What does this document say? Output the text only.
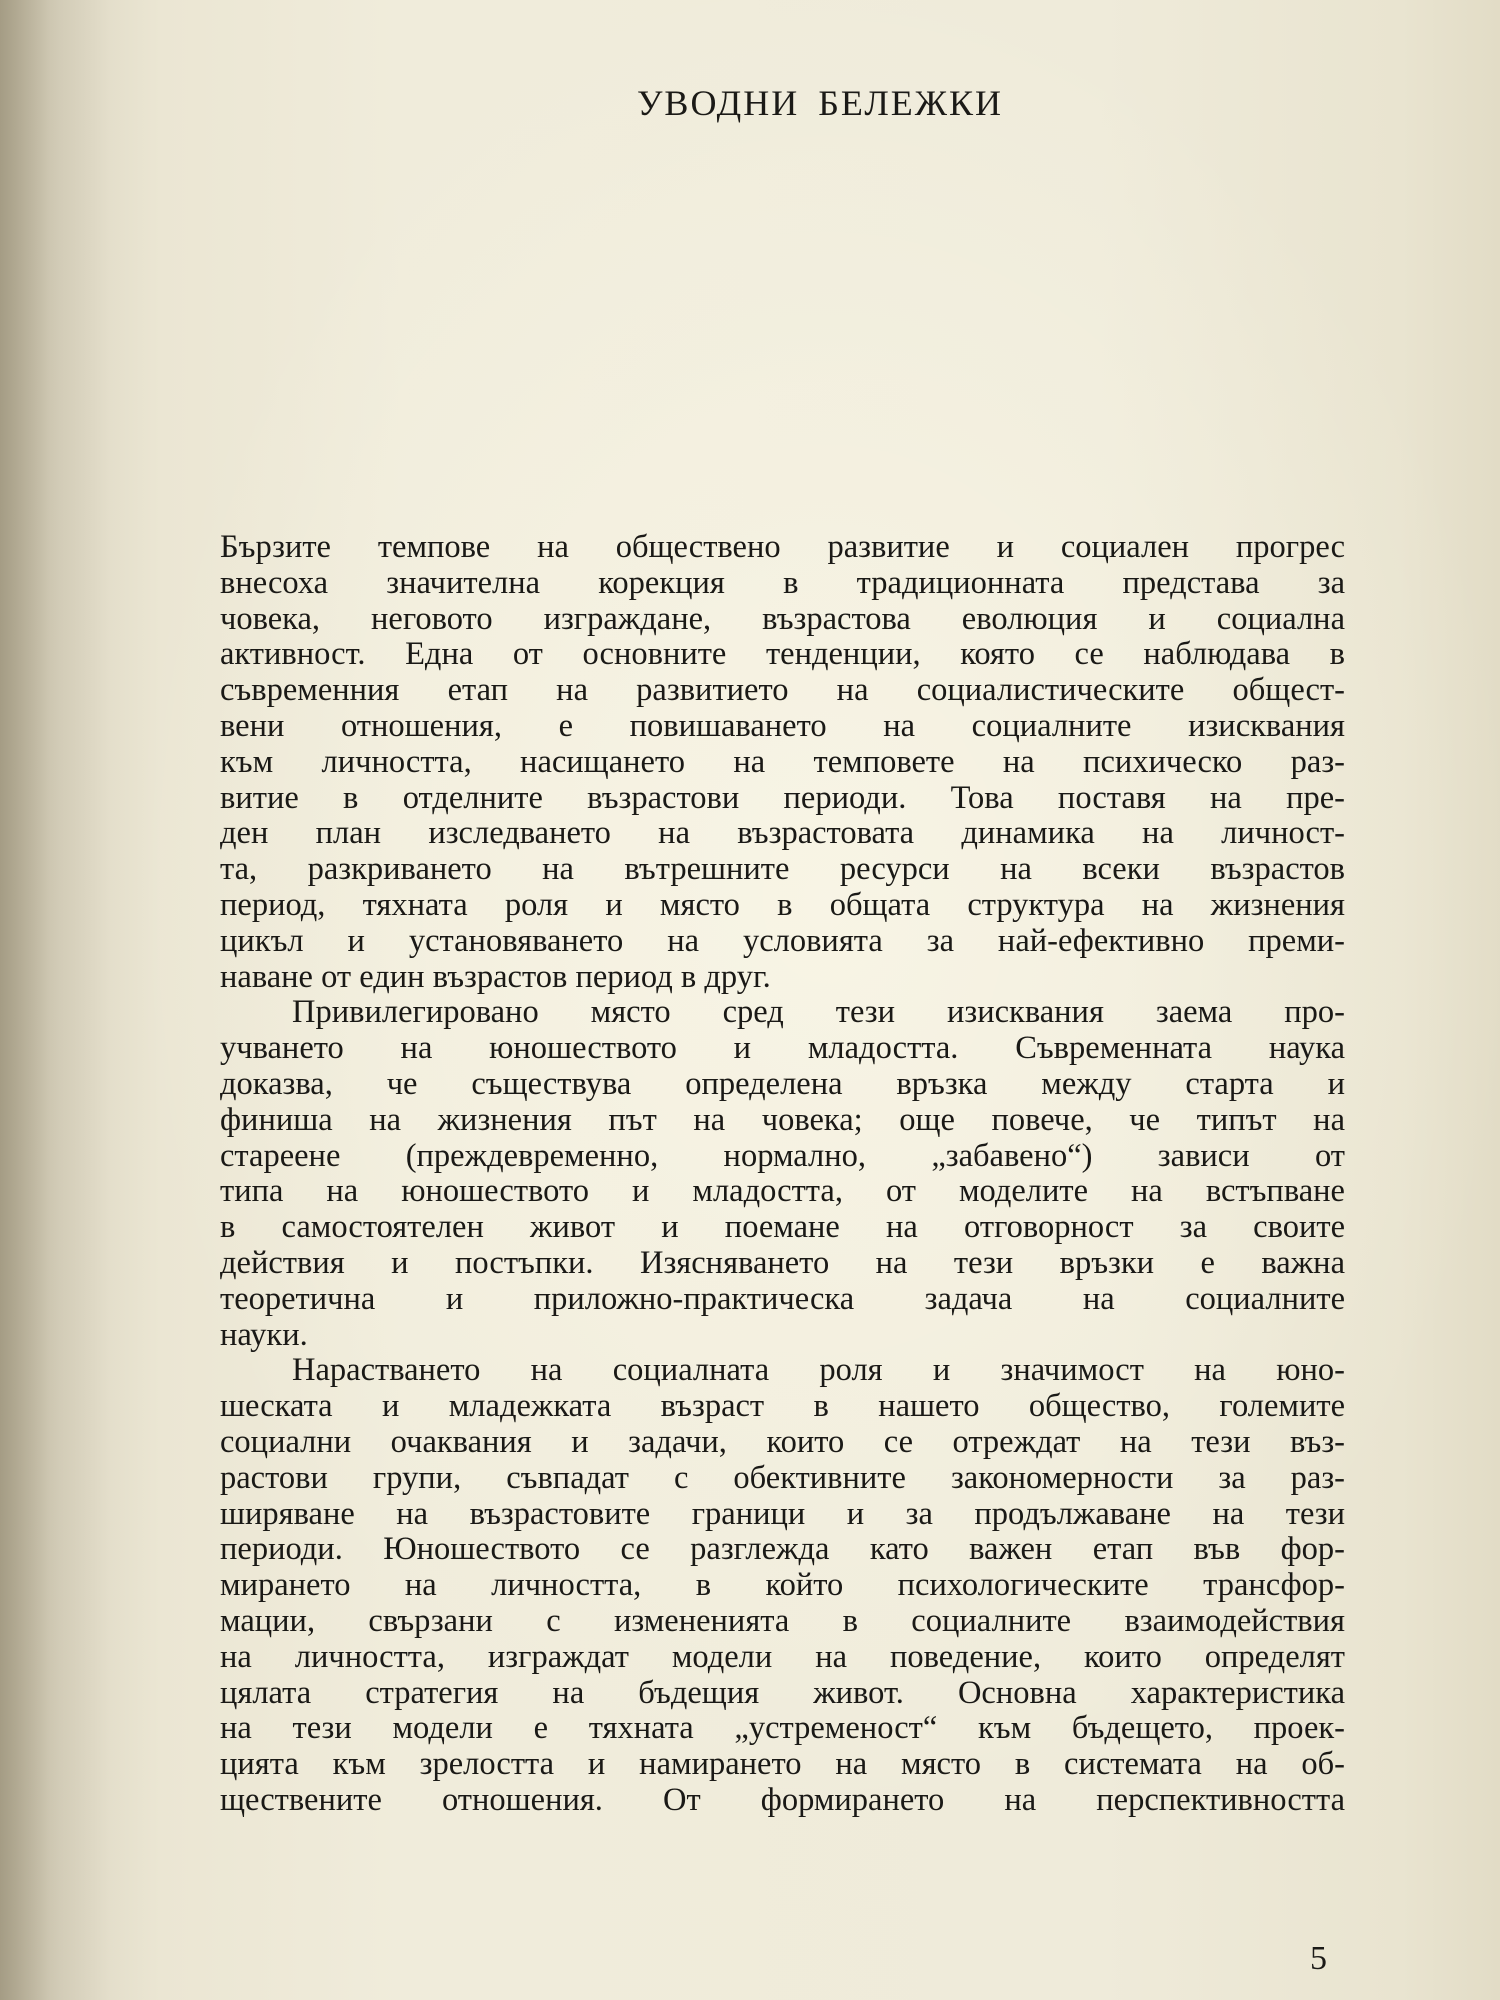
УВОДНИ БЕЛЕЖКИ
Бързите темпове на обществено развитие и социален прогрес
внесоха значителна корекция в традиционната представа за
човека, неговото изграждане, възрастова еволюция и социална
активност. Една от основните тенденции, която се наблюдава в
съвременния етап на развитието на социалистическите общест-
вени отношения, е повишаването на социалните изисквания
към личността, насищането на темповете на психическо раз-
витие в отделните възрастови периоди. Това поставя на пре-
ден план изследването на възрастовата динамика на личност-
та, разкриването на вътрешните ресурси на всеки възрастов
период, тяхната роля и място в общата структура на жизнения
цикъл и установяването на условията за най-ефективно преми-
наване от един възрастов период в друг.
Привилегировано място сред тези изисквания заема про-
учването на юношеството и младостта. Съвременната наука
доказва, че съществува определена връзка между старта и
финиша на жизнения път на човека; още повече, че типът на
стареене (преждевременно, нормално, „забавено“) зависи от
типа на юношеството и младостта, от моделите на встъпване
в самостоятелен живот и поемане на отговорност за своите
действия и постъпки. Изясняването на тези връзки е важна
теоретична и приложно-практическа задача на социалните
науки.
Нарастването на социалната роля и значимост на юно-
шеската и младежката възраст в нашето общество, големите
социални очаквания и задачи, които се отреждат на тези въз-
растови групи, съвпадат с обективните закономерности за раз-
ширяване на възрастовите граници и за продължаване на тези
периоди. Юношеството се разглежда като важен етап във фор-
мирането на личността, в който психологическите трансфор-
мации, свързани с измененията в социалните взаимодействия
на личността, изграждат модели на поведение, които определят
цялата стратегия на бъдещия живот. Основна характеристика
на тези модели е тяхната „устременост“ към бъдещето, проек-
цията към зрелостта и намирането на място в системата на об-
ществените отношения. От формирането на перспективността
5
